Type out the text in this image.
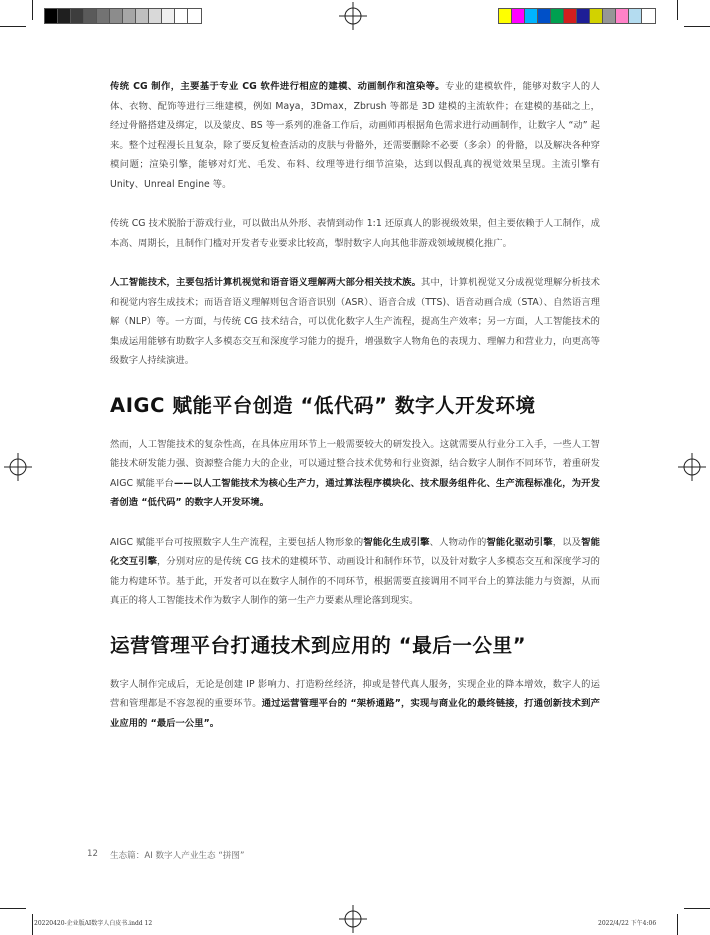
传统 CG 制作，主要基于专业 CG 软件进行相应的建模、动画制作和渲染等。专业的建模软件，能够对数字人的人体、衣物、配饰等进行三维建模，例如 Maya，3Dmax，Zbrush 等都是 3D 建模的主流软件；在建模的基础之上，经过骨骼搭建及绑定，以及蒙皮、BS 等一系列的准备工作后，动画师再根据角色需求进行动画制作，让数字人 “动” 起来。整个过程漫长且复杂，除了要反复检查活动的皮肤与骨骼外，还需要删除不必要（多余）的骨骼，以及解决各种穿模问题；渲染引擎，能够对灯光、毛发、布料、纹理等进行细节渲染，达到以假乱真的视觉效果呈现。主流引擎有 Unity、Unreal Engine 等。

传统 CG 技术脱胎于游戏行业，可以做出从外形、表情到动作 1:1 还原真人的影视级效果，但主要依赖于人工制作，成本高、周期长，且制作门槛对开发者专业要求比较高，掣肘数字人向其他非游戏领域规模化推广。

人工智能技术，主要包括计算机视觉和语音语义理解两大部分相关技术族。其中，计算机视觉又分成视觉理解分析技术和视觉内容生成技术；而语音语义理解则包含语音识别（ASR）、语音合成（TTS)、语音动画合成（STA）、自然语言理解（NLP）等。一方面，与传统 CG 技术结合，可以优化数字人生产流程，提高生产效率；另一方面，人工智能技术的集成运用能够有助数字人多模态交互和深度学习能力的提升，增强数字人物角色的表现力、理解力和营业力，向更高等级数字人持续演进。

AIGC 赋能平台创造 “低代码” 数字人开发环境

然而，人工智能技术的复杂性高，在具体应用环节上一般需要较大的研发投入。这就需要从行业分工入手，一些人工智能技术研发能力强、资源整合能力大的企业，可以通过整合技术优势和行业资源，结合数字人制作不同环节，着重研发 AIGC 赋能平台——以人工智能技术为核心生产力，通过算法程序模块化、技术服务组件化、生产流程标准化，为开发者创造 “低代码” 的数字人开发环境。

AIGC 赋能平台可按照数字人生产流程，主要包括人物形象的智能化生成引擎、人物动作的智能化驱动引擎，以及智能化交互引擎，分别对应的是传统 CG 技术的建模环节、动画设计和制作环节，以及针对数字人多模态交互和深度学习的能力构建环节。基于此，开发者可以在数字人制作的不同环节，根据需要直接调用不同平台上的算法能力与资源，从而真正的将人工智能技术作为数字人制作的第一生产力要素从理论落到现实。

运营管理平台打通技术到应用的 “最后一公里”

数字人制作完成后，无论是创建 IP 影响力、打造粉丝经济，抑或是替代真人服务，实现企业的降本增效，数字人的运营和管理都是不容忽视的重要环节。通过运营管理平台的 “架桥通路”，实现与商业化的最终链接，打通创新技术到产业应用的 “最后一公里”。

12 生态篇：AI 数字人产业生态 “拼图”
20220420-企业版AI数字人白皮书.indd 12	2022/4/22 下午4:06
